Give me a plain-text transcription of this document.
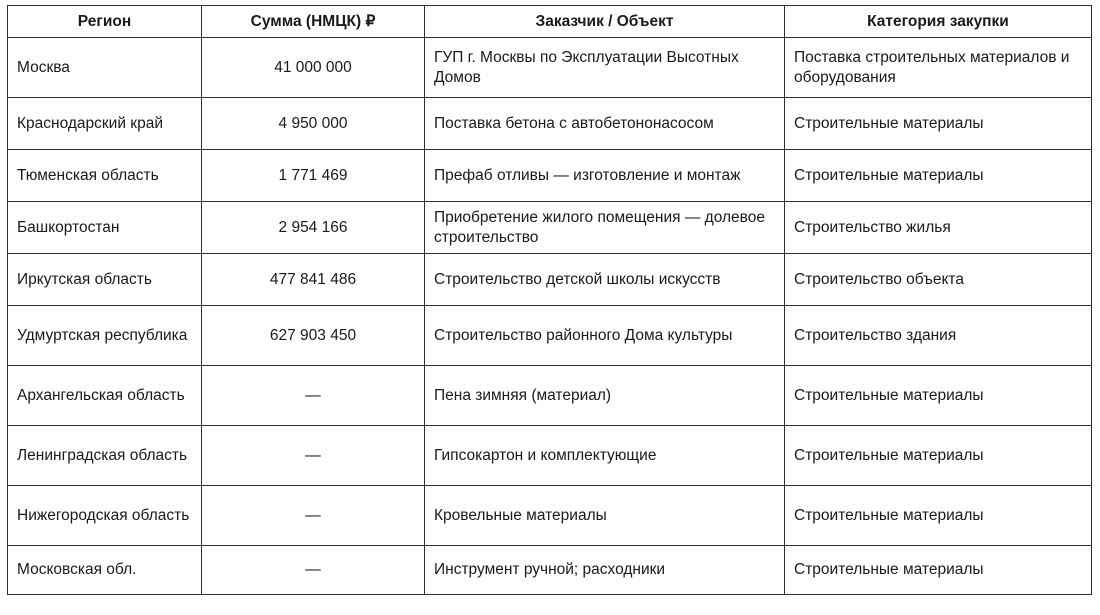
Регион	Сумма (НМЦК) ₽	Заказчик / Объект	Категория закупки
Москва	41 000 000	ГУП г. Москвы по Эксплуатации Высотных Домов	Поставка строительных материалов и оборудования
Краснодарский край	4 950 000	Поставка бетона с автобетононасосом	Строительные материалы
Тюменская область	1 771 469	Префаб отливы — изготовление и монтаж	Строительные материалы
Башкортостан	2 954 166	Приобретение жилого помещения — долевое строительство	Строительство жилья
Иркутская область	477 841 486	Строительство детской школы искусств	Строительство объекта
Удмуртская республика	627 903 450	Строительство районного Дома культуры	Строительство здания
Архангельская область	—	Пена зимняя (материал)	Строительные материалы
Ленинградская область	—	Гипсокартон и комплектующие	Строительные материалы
Нижегородская область	—	Кровельные материалы	Строительные материалы
Московская обл.	—	Инструмент ручной; расходники	Строительные материалы
